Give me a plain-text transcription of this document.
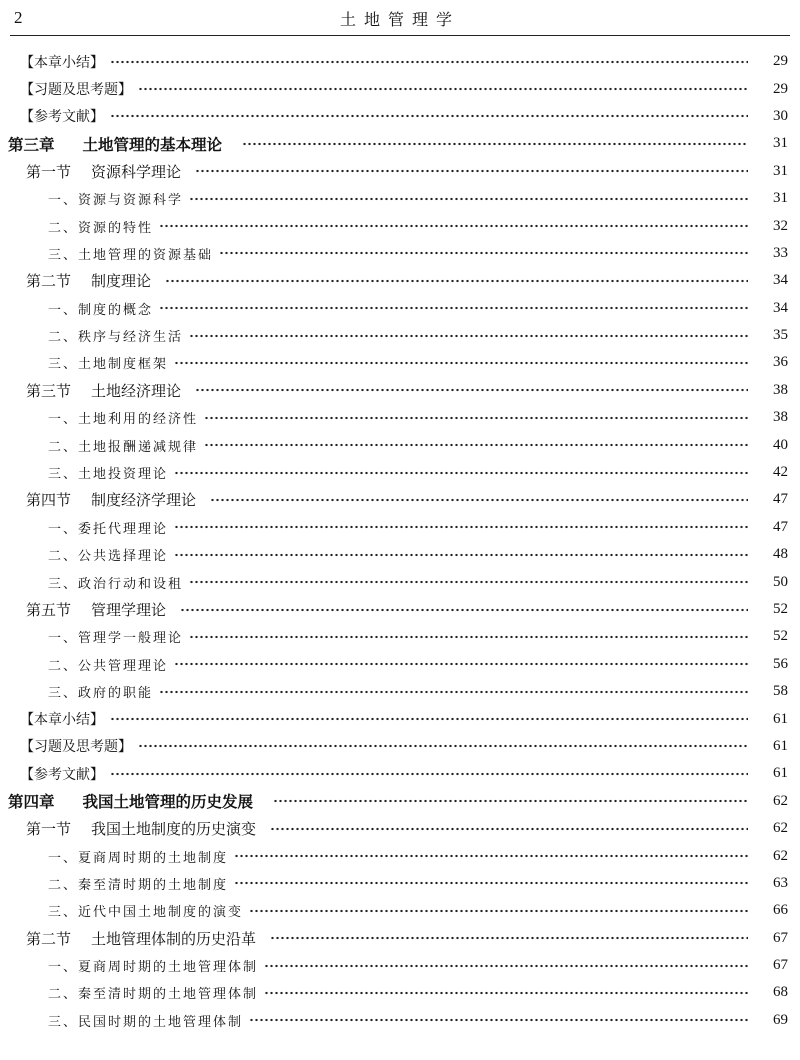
2	土地管理学
【本章小结】	29
【习题及思考题】	29
【参考文献】	30
第三章 土地管理的基本理论	31
第一节 资源科学理论	31
一、资源与资源科学	31
二、资源的特性	32
三、土地管理的资源基础	33
第二节 制度理论	34
一、制度的概念	34
二、秩序与经济生活	35
三、土地制度框架	36
第三节 土地经济理论	38
一、土地利用的经济性	38
二、土地报酬递减规律	40
三、土地投资理论	42
第四节 制度经济学理论	47
一、委托代理理论	47
二、公共选择理论	48
三、政治行动和设租	50
第五节 管理学理论	52
一、管理学一般理论	52
二、公共管理理论	56
三、政府的职能	58
【本章小结】	61
【习题及思考题】	61
【参考文献】	61
第四章 我国土地管理的历史发展	62
第一节 我国土地制度的历史演变	62
一、夏商周时期的土地制度	62
二、秦至清时期的土地制度	63
三、近代中国土地制度的演变	66
第二节 土地管理体制的历史沿革	67
一、夏商周时期的土地管理体制	67
二、秦至清时期的土地管理体制	68
三、民国时期的土地管理体制	69
